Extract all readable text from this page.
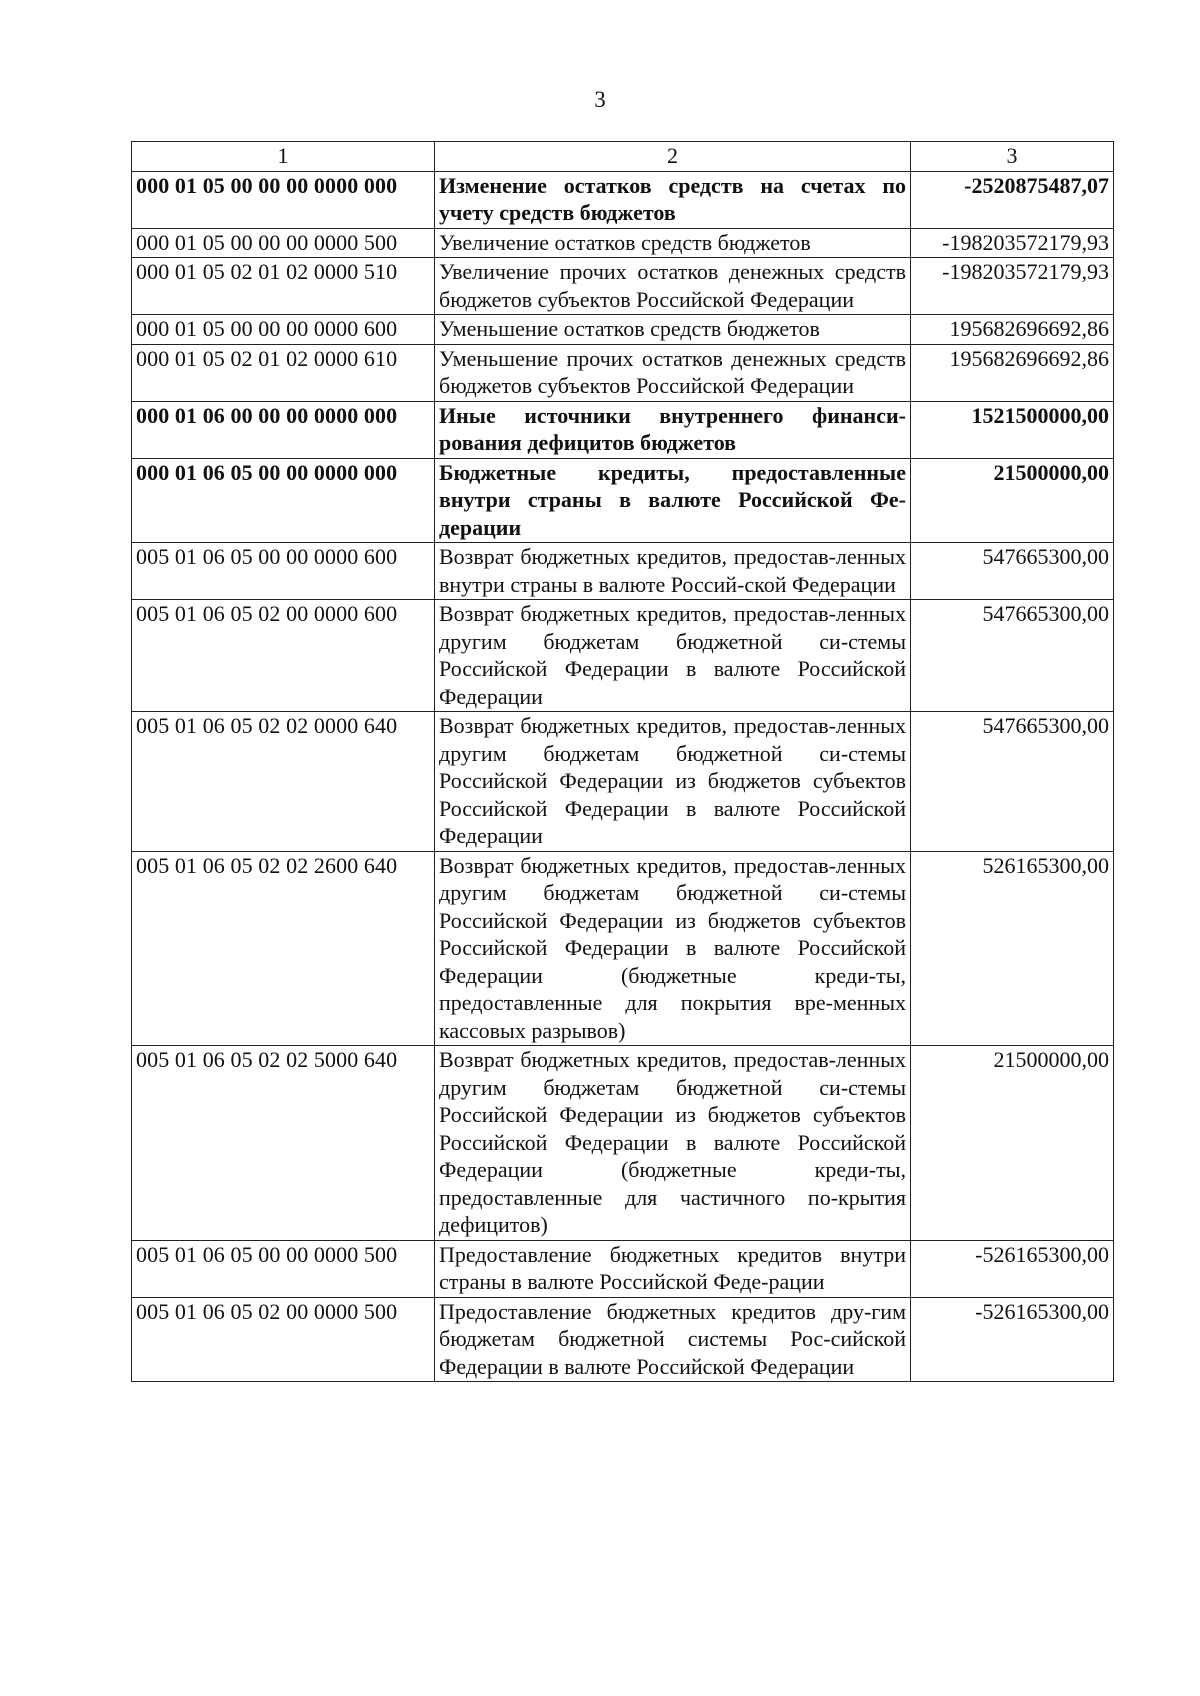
3
1	2	3
000 01 05 00 00 00 0000 000	Изменение остатков средств на счетах по учету средств бюджетов	-2520875487,07
000 01 05 00 00 00 0000 500	Увеличение остатков средств бюджетов	-198203572179,93
000 01 05 02 01 02 0000 510	Увеличение прочих остатков денежных средств бюджетов субъектов Российской Федерации	-198203572179,93
000 01 05 00 00 00 0000 600	Уменьшение остатков средств бюджетов	195682696692,86
000 01 05 02 01 02 0000 610	Уменьшение прочих остатков денежных средств бюджетов субъектов Российской Федерации	195682696692,86
000 01 06 00 00 00 0000 000	Иные источники внутреннего финанси-рования дефицитов бюджетов	1521500000,00
000 01 06 05 00 00 0000 000	Бюджетные кредиты, предоставленные внутри страны в валюте Российской Фе-дерации	21500000,00
005 01 06 05 00 00 0000 600	Возврат бюджетных кредитов, предостав-ленных внутри страны в валюте Россий-ской Федерации	547665300,00
005 01 06 05 02 00 0000 600	Возврат бюджетных кредитов, предостав-ленных другим бюджетам бюджетной си-стемы Российской Федерации в валюте Российской Федерации	547665300,00
005 01 06 05 02 02 0000 640	Возврат бюджетных кредитов, предостав-ленных другим бюджетам бюджетной си-стемы Российской Федерации из бюджетов субъектов Российской Федерации в валюте Российской Федерации	547665300,00
005 01 06 05 02 02 2600 640	Возврат бюджетных кредитов, предостав-ленных другим бюджетам бюджетной си-стемы Российской Федерации из бюджетов субъектов Российской Федерации в валюте Российской Федерации (бюджетные креди-ты, предоставленные для покрытия вре-менных кассовых разрывов)	526165300,00
005 01 06 05 02 02 5000 640	Возврат бюджетных кредитов, предостав-ленных другим бюджетам бюджетной си-стемы Российской Федерации из бюджетов субъектов Российской Федерации в валюте Российской Федерации (бюджетные креди-ты, предоставленные для частичного по-крытия дефицитов)	21500000,00
005 01 06 05 00 00 0000 500	Предоставление бюджетных кредитов внутри страны в валюте Российской Феде-рации	-526165300,00
005 01 06 05 02 00 0000 500	Предоставление бюджетных кредитов дру-гим бюджетам бюджетной системы Рос-сийской Федерации в валюте Российской Федерации	-526165300,00
